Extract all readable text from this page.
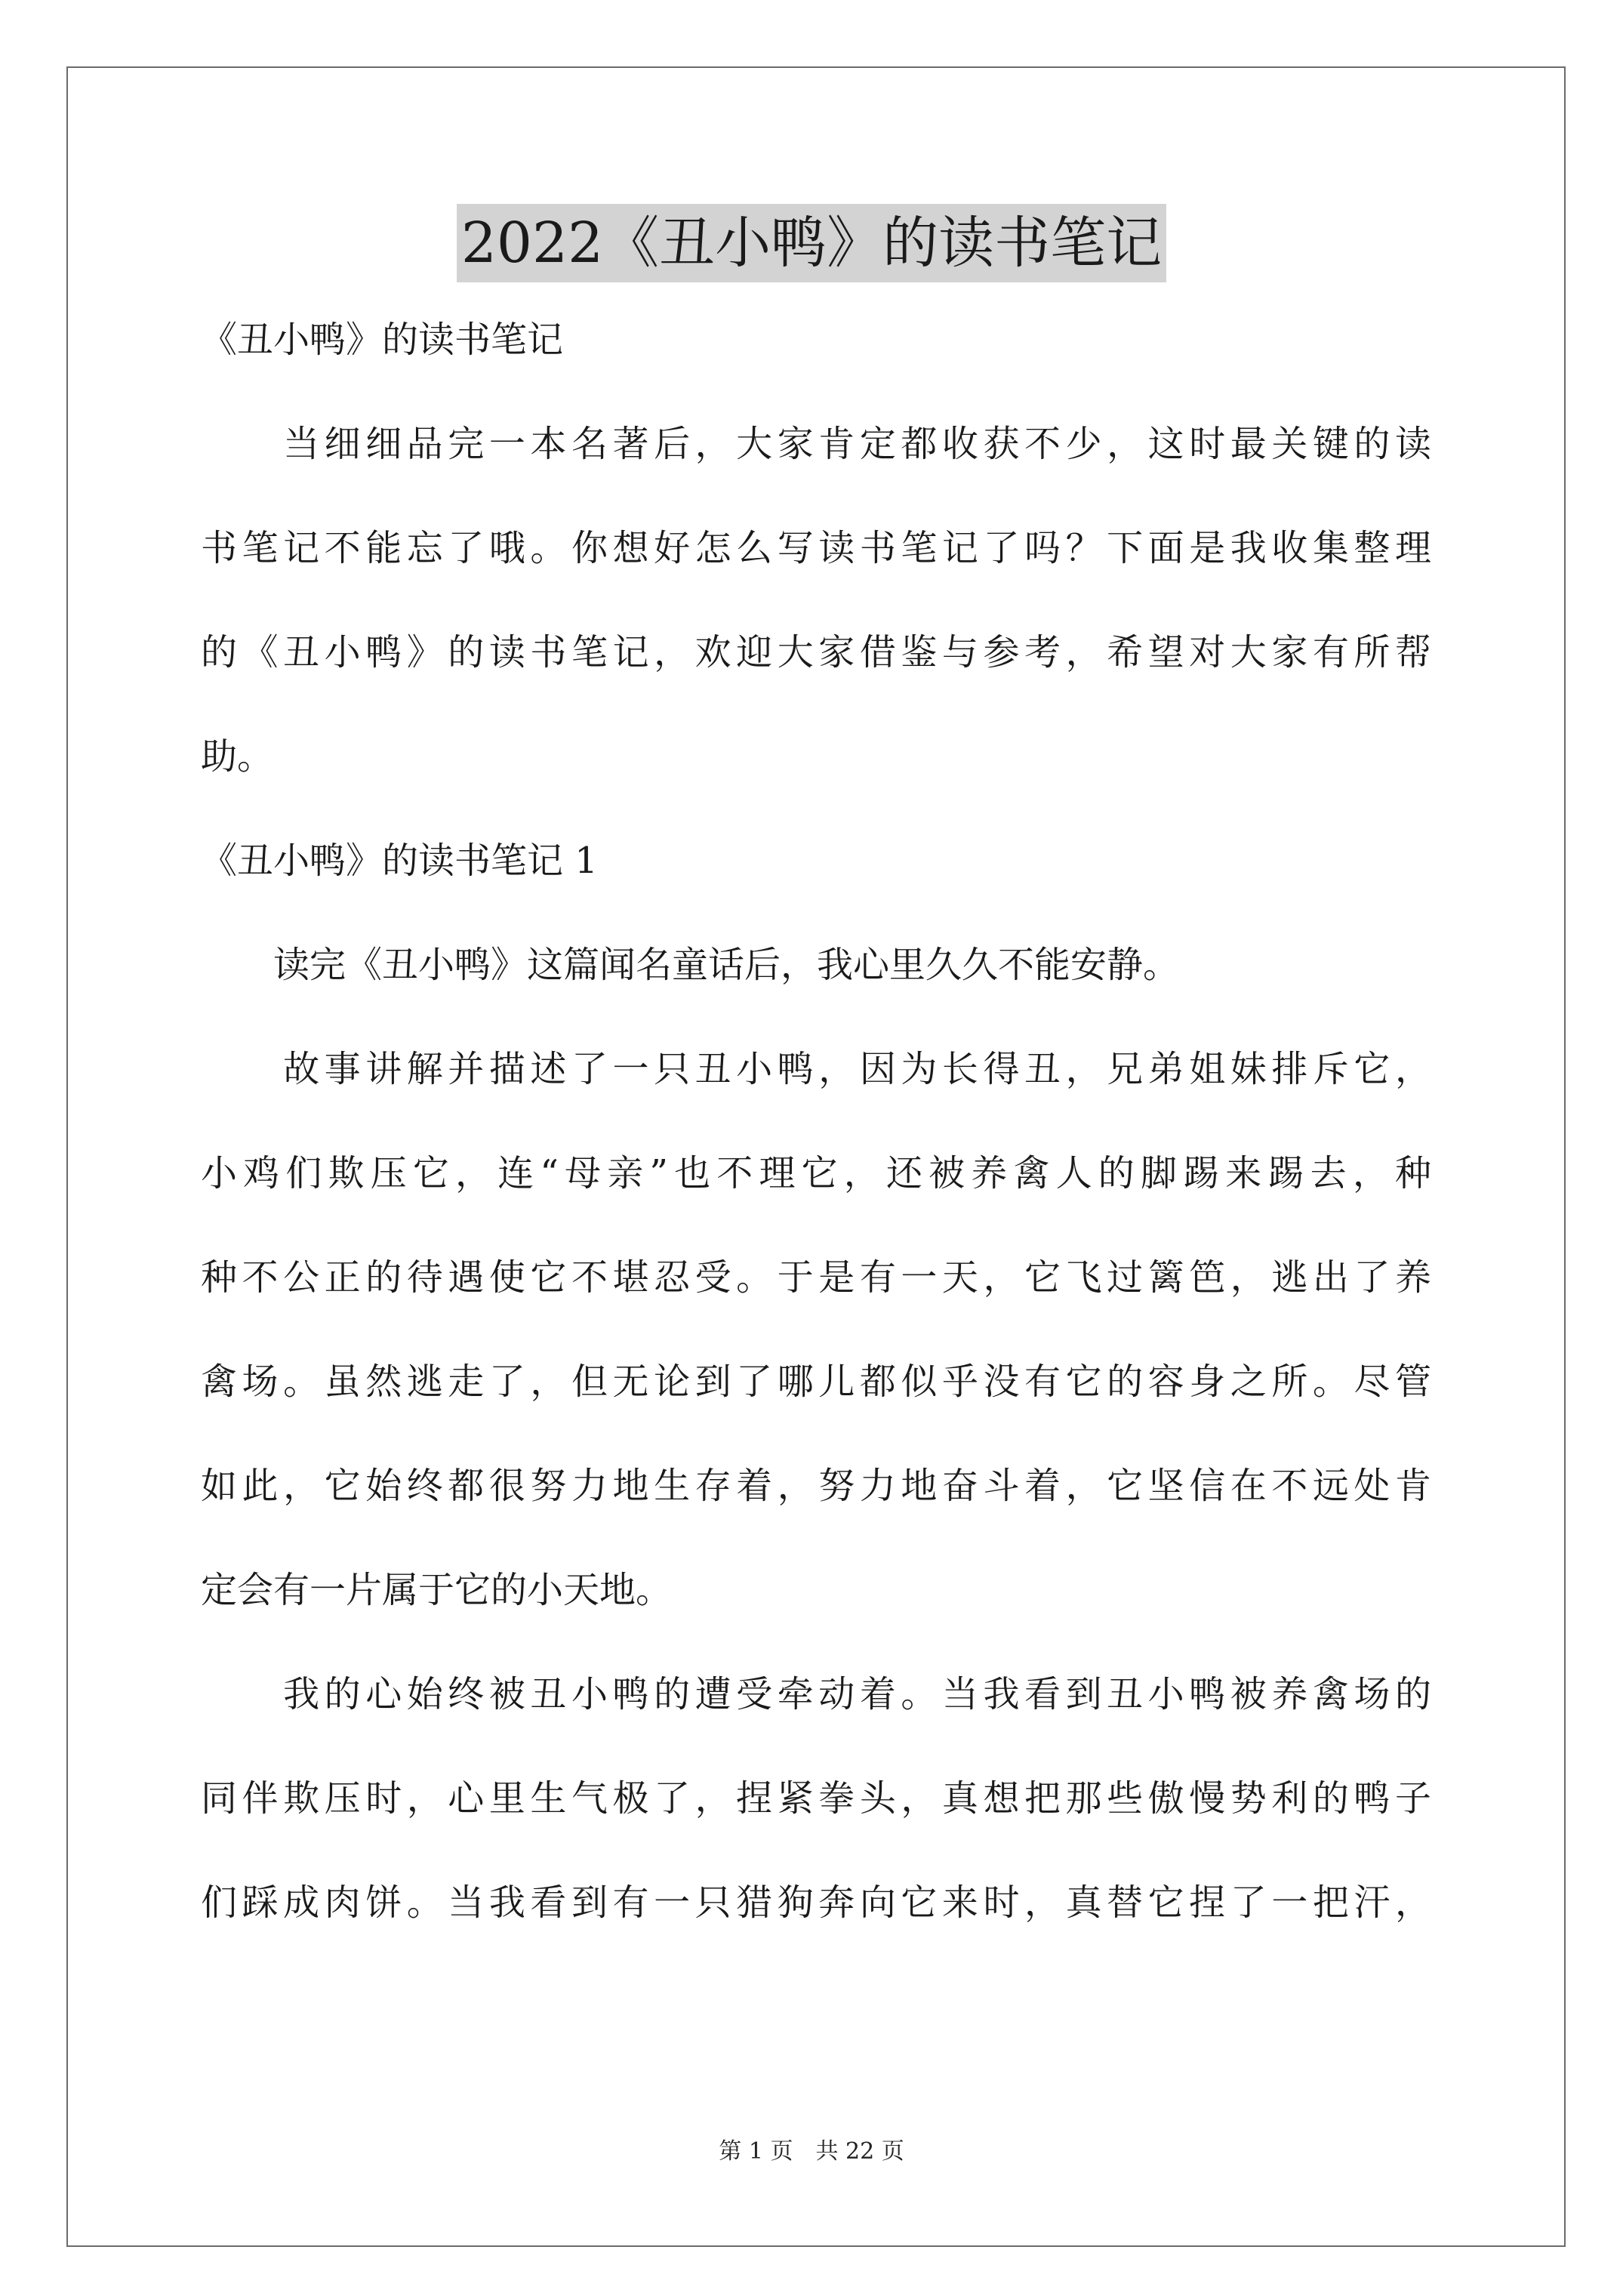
2022《丑小鸭》的读书笔记
《丑小鸭》的读书笔记
　　当细细品完一本名著后，大家肯定都收获不少，这时最关键的读
书笔记不能忘了哦。你想好怎么写读书笔记了吗？下面是我收集整理
的《丑小鸭》的读书笔记，欢迎大家借鉴与参考，希望对大家有所帮
助。
《丑小鸭》的读书笔记 1
　　读完《丑小鸭》这篇闻名童话后，我心里久久不能安静。
　　故事讲解并描述了一只丑小鸭，因为长得丑，兄弟姐妹排斥它，
小鸡们欺压它，连“母亲”也不理它，还被养禽人的脚踢来踢去，种
种不公正的待遇使它不堪忍受。于是有一天，它飞过篱笆，逃出了养
禽场。虽然逃走了，但无论到了哪儿都似乎没有它的容身之所。尽管
如此，它始终都很努力地生存着，努力地奋斗着，它坚信在不远处肯
定会有一片属于它的小天地。
　　我的心始终被丑小鸭的遭受牵动着。当我看到丑小鸭被养禽场的
同伴欺压时，心里生气极了，捏紧拳头，真想把那些傲慢势利的鸭子
们踩成肉饼。当我看到有一只猎狗奔向它来时，真替它捏了一把汗，
第 1 页　共 22 页
